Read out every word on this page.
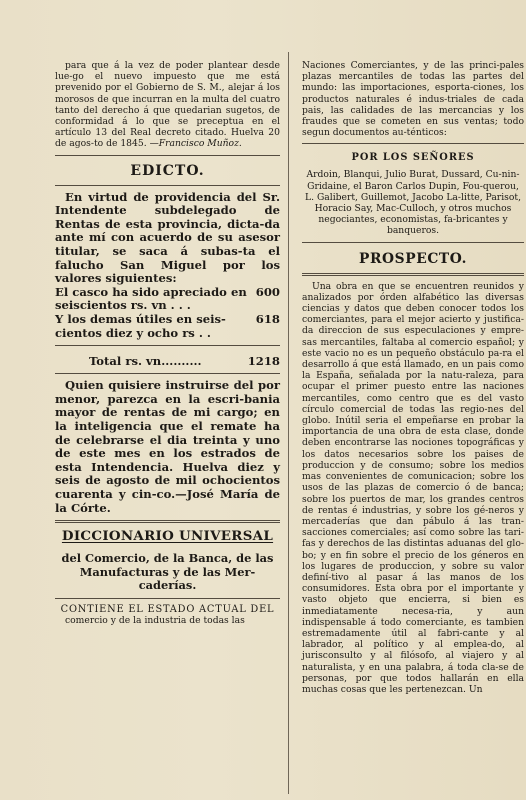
para que á la vez de poder plantear desde lue-go el nuevo impuesto que me está prevenido por el Gobierno de S. M., alejar á los morosos de que incurran en la multa del cuatro tanto del derecho á que quedarian sugetos, de conformidad á lo que se preceptua en el artículo 13 del Real decreto citado. Huelva 20 de agos-to de 1845. —Francisco Muñoz.

EDICTO.

En virtud de providencia del Sr. Intendente subdelegado de Rentas de esta provincia, dicta-da ante mí con acuerdo de su asesor titular, se saca á subas-ta el falucho San Miguel por los valores siguientes:

El casco ha sido apreciado en seiscientos rs. vn . . .
600
Y los demas útiles en seis-cientos diez y ocho rs . .
618
Total rs. vn..........	1218

Quien quisiere instruirse del por menor, parezca en la escri-bania mayor de rentas de mi cargo; en la inteligencia que el remate ha de celebrarse el dia treinta y uno de este mes en los estrados de esta Intendencia. Huelva diez y seis de agosto de mil ochocientos cuarenta y cin-co.—José María de la Córte.

DICCIONARIO UNIVERSAL

del Comercio, de la Banca, de las Manufacturas y de las Mer-caderías.

CONTIENE EL ESTADO ACTUAL DEL

comercio y de la industria de todas las

Naciones Comerciantes, y de las princi-pales plazas mercantiles de todas las partes del mundo: las importaciones, esporta-ciones, los productos naturales é indus-triales de cada pais, las calidades de las mercancias y los fraudes que se cometen en sus ventas; todo segun documentos au-ténticos:

POR LOS SEÑORES

Ardoin, Blanqui, Julio Burat, Dussard, Cu-nin-Gridaine, el Baron Carlos Dupin, Fou-querou, L. Galibert, Guillemot, Jacobo La-litte, Parisot, Horacio Say, Mac-Culloch, y otros muchos negociantes, economistas, fa-bricantes y banqueros.

PROSPECTO.

Una obra en que se encuentren reunidos y analizados por órden alfabético las diversas ciencias y datos que deben conocer todos los comerciantes, para el mejor acierto y justifica-da direccion de sus especulaciones y empre-sas mercantiles, faltaba al comercio español; y este vacio no es un pequeño obstáculo pa-ra el desarrollo á que está llamado, en un pais como la España, señalada por la natu-raleza, para ocupar el primer puesto entre las naciones mercantiles, como centro que es del vasto círculo comercial de todas las regio-nes del globo. Inútil seria el empeñarse en probar la importancia de una obra de esta clase, donde deben encontrarse las nociones topográficas y los datos necesarios sobre los paises de produccion y de consumo; sobre los medios mas convenientes de comunicacion; sobre los usos de las plazas de comercio ó de banca; sobre los puertos de mar, los grandes centros de rentas é industrias, y sobre los gé-neros y mercaderías que dan pábulo á las tran-sacciones comerciales; así como sobre las tari-fas y derechos de las distintas aduanas del glo-bo; y en fin sobre el precio de los géneros en los lugares de produccion, y sobre su valor definí-tivo al pasar á las manos de los consumidores. Esta obra por el importante y vasto objeto que encierra, si bien es inmediatamente necesa-ria, y aun indispensable á todo comerciante, es tambien estremadamente útil al fabri-cante y al labrador, al político y al emplea-do, al jurisconsulto y al filósofo, al viajero y al naturalista, y en una palabra, á toda cla-se de personas, por que todos hallarán en ella muchas cosas que les pertenezcan. Un
